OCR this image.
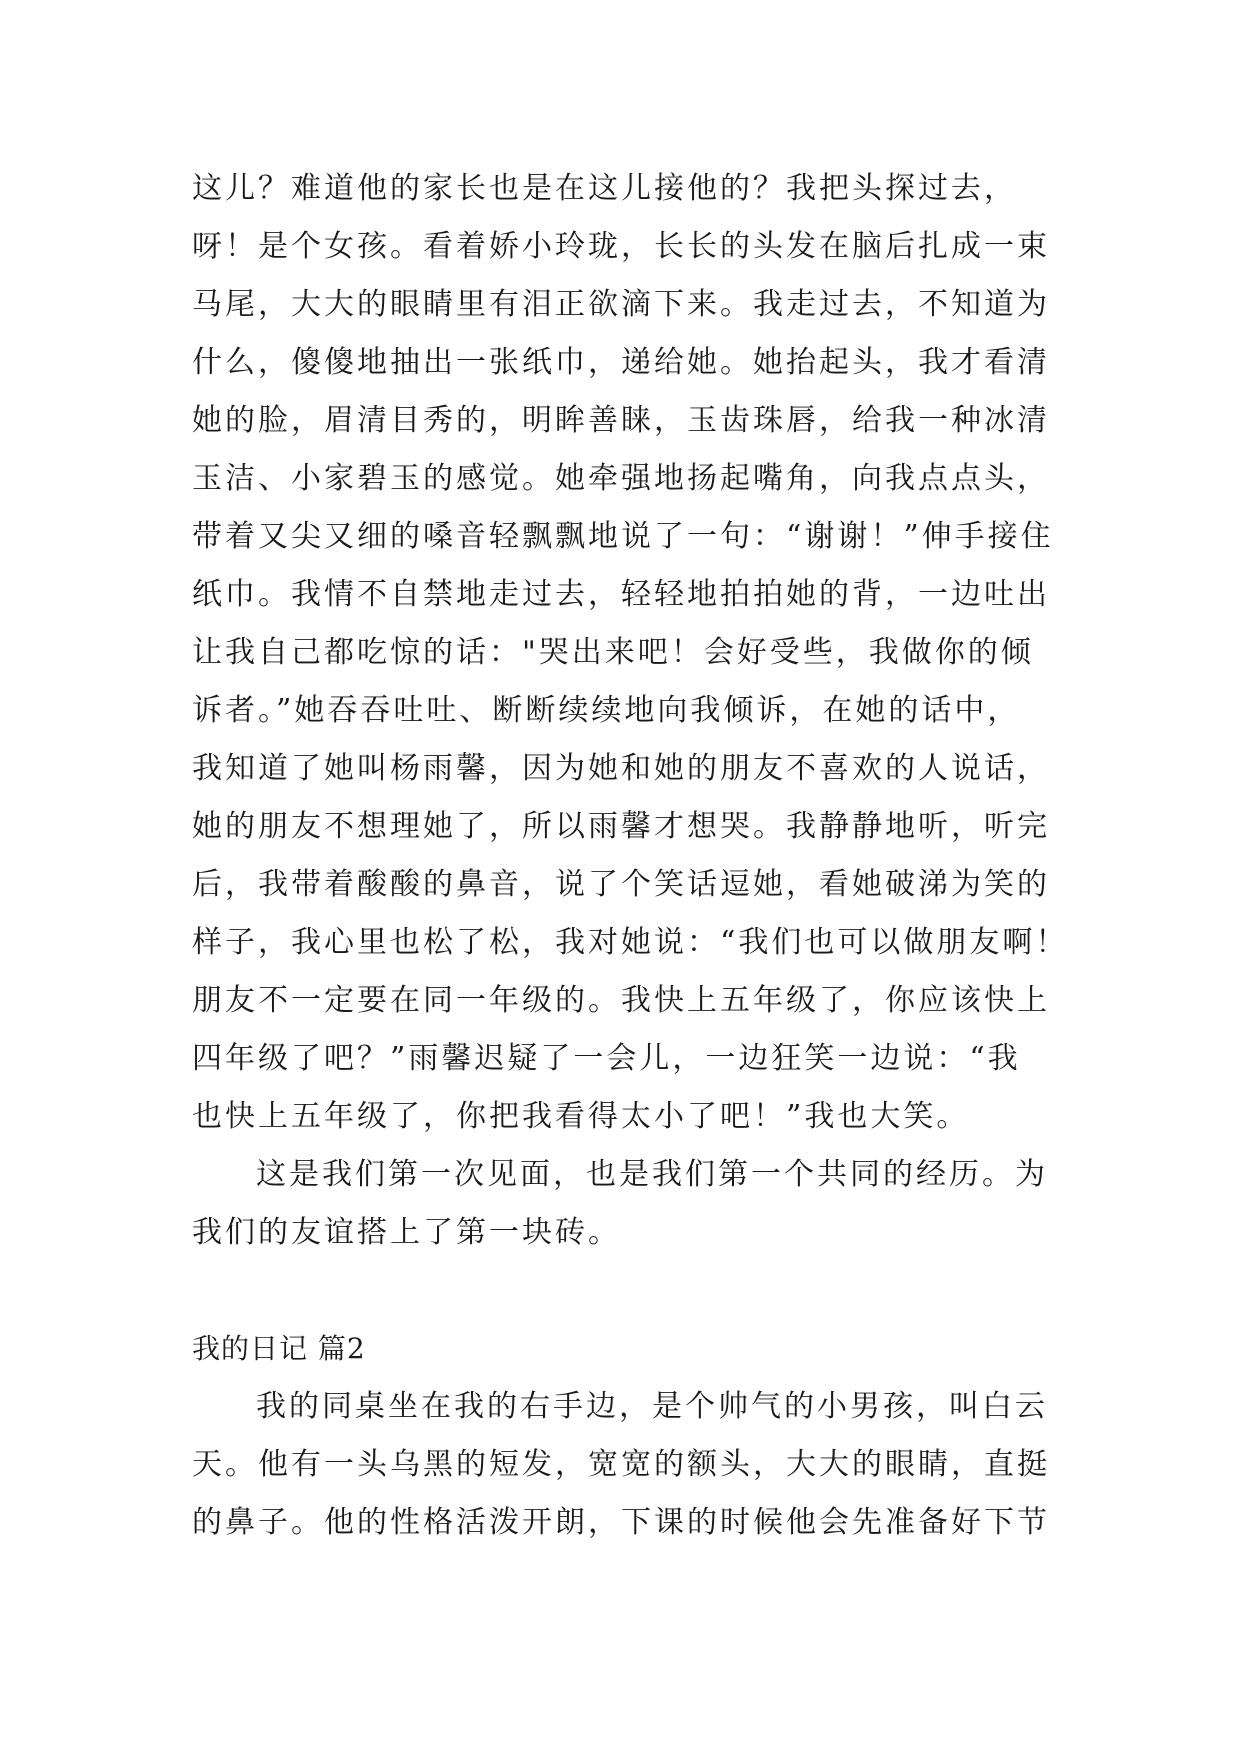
这儿？难道他的家长也是在这儿接他的？我把头探过去，
呀！是个女孩。看着娇小玲珑，长长的头发在脑后扎成一束
马尾，大大的眼睛里有泪正欲滴下来。我走过去，不知道为
什么，傻傻地抽出一张纸巾，递给她。她抬起头，我才看清
她的脸，眉清目秀的，明眸善睐，玉齿珠唇，给我一种冰清
玉洁、小家碧玉的感觉。她牵强地扬起嘴角，向我点点头，
带着又尖又细的嗓音轻飘飘地说了一句：“谢谢！”伸手接住
纸巾。我情不自禁地走过去，轻轻地拍拍她的背，一边吐出
让我自己都吃惊的话："哭出来吧！会好受些，我做你的倾
诉者。”她吞吞吐吐、断断续续地向我倾诉，在她的话中，
我知道了她叫杨雨馨，因为她和她的朋友不喜欢的人说话，
她的朋友不想理她了，所以雨馨才想哭。我静静地听，听完
后，我带着酸酸的鼻音，说了个笑话逗她，看她破涕为笑的
样子，我心里也松了松，我对她说：“我们也可以做朋友啊！
朋友不一定要在同一年级的。我快上五年级了，你应该快上
四年级了吧？”雨馨迟疑了一会儿，一边狂笑一边说：“我
也快上五年级了，你把我看得太小了吧！”我也大笑。
这是我们第一次见面，也是我们第一个共同的经历。为
我们的友谊搭上了第一块砖。
我的日记 篇2
我的同桌坐在我的右手边，是个帅气的小男孩，叫白云
天。他有一头乌黑的短发，宽宽的额头，大大的眼睛，直挺
的鼻子。他的性格活泼开朗，下课的时候他会先准备好下节
